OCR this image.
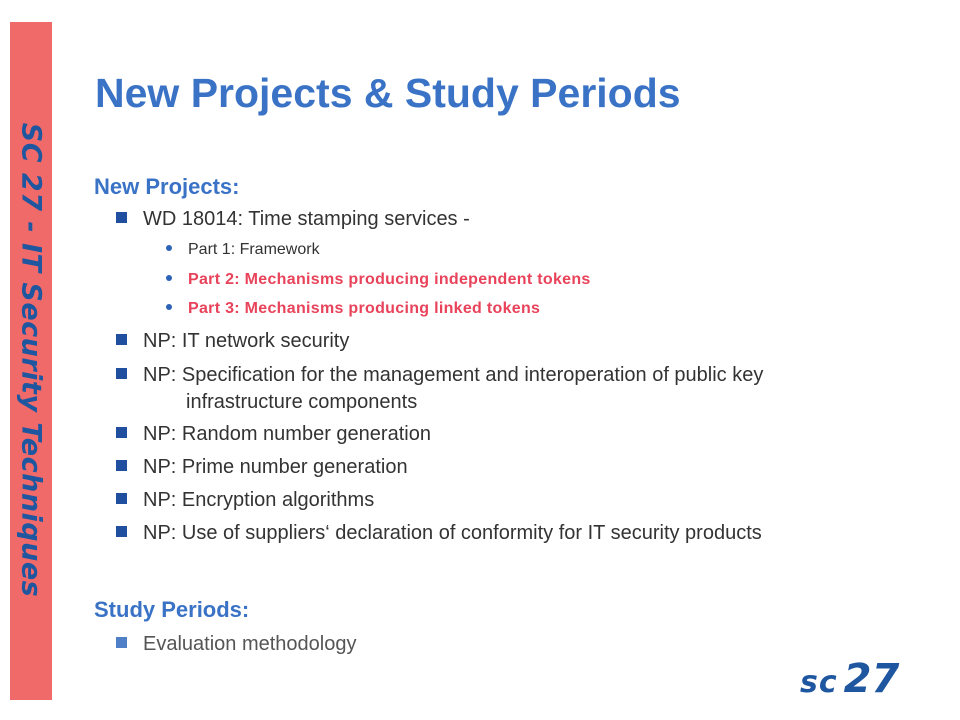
SC 27 - IT Security Techniques
New Projects & Study Periods
New Projects:
WD 18014: Time stamping services -
Part 1: Framework
Part 2: Mechanisms producing independent tokens
Part 3: Mechanisms producing linked tokens
NP: IT network security
NP: Specification for the management and interoperation of public key
infrastructure components
NP: Random number generation
NP: Prime number generation
NP: Encryption algorithms
NP: Use of suppliers‘ declaration of conformity for IT security products
Study Periods:
Evaluation methodology
sc 27
